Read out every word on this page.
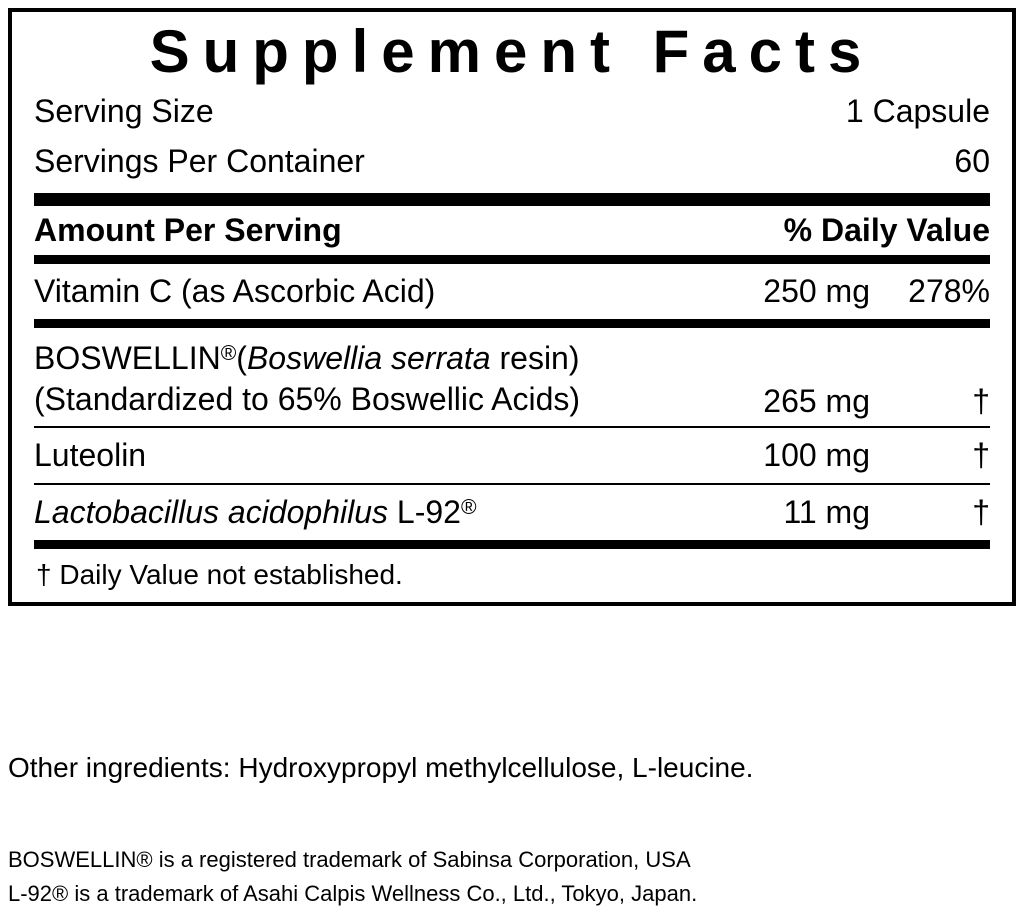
Supplement Facts
Serving Size	1 Capsule
Servings Per Container	60
Amount Per Serving	% Daily Value
Vitamin C (as Ascorbic Acid)	250 mg	278%
BOSWELLIN®(Boswellia serrata resin)
(Standardized to 65% Boswellic Acids)	265 mg	†
Luteolin	100 mg	†
Lactobacillus acidophilus L-92®	11 mg	†
† Daily Value not established.
Other ingredients: Hydroxypropyl methylcellulose, L-leucine.
BOSWELLIN® is a registered trademark of Sabinsa Corporation, USA
L-92® is a trademark of Asahi Calpis Wellness Co., Ltd., Tokyo, Japan.
